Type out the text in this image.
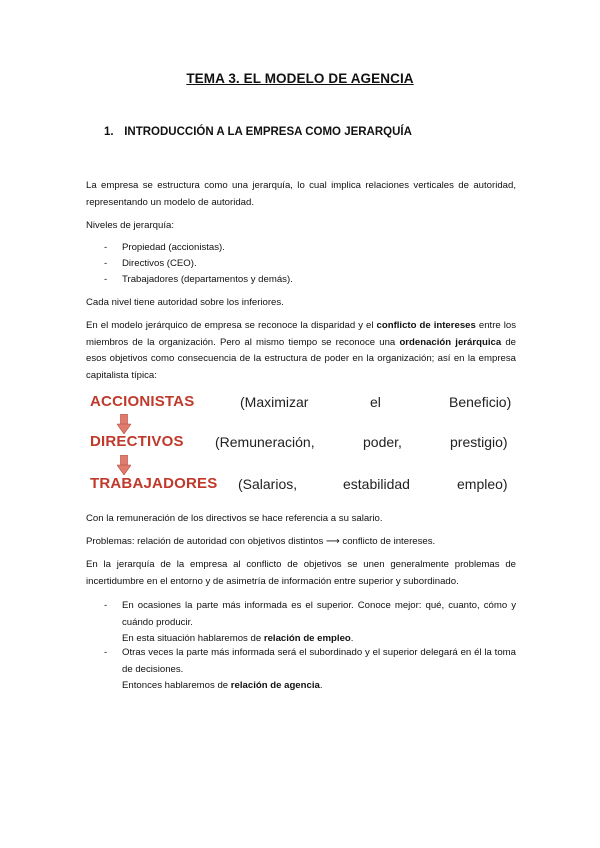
TEMA 3. EL MODELO DE AGENCIA
1. INTRODUCCIÓN A LA EMPRESA COMO JERARQUÍA
La empresa se estructura como una jerarquía, lo cual implica relaciones verticales de autoridad, representando un modelo de autoridad.
Niveles de jerarquía:
- Propiedad (accionistas).
- Directivos (CEO).
- Trabajadores (departamentos y demás).
Cada nivel tiene autoridad sobre los inferiores.
En el modelo jerárquico de empresa se reconoce la disparidad y el conflicto de intereses entre los miembros de la organización. Pero al mismo tiempo se reconoce una ordenación jerárquica de esos objetivos como consecuencia de la estructura de poder en la organización; así en la empresa capitalista típica:
ACCIONISTAS	(Maximizar	el	Beneficio)
DIRECTIVOS (Remuneración,	poder,	prestigio)
TRABAJADORES (Salarios,	estabilidad	empleo)
Con la remuneración de los directivos se hace referencia a su salario.
Problemas: relación de autoridad con objetivos distintos ⟶ conflicto de intereses.
En la jerarquía de la empresa al conflicto de objetivos se unen generalmente problemas de incertidumbre en el entorno y de asimetría de información entre superior y subordinado.
- En ocasiones la parte más informada es el superior. Conoce mejor: qué, cuanto, cómo y cuándo producir.
En esta situación hablaremos de relación de empleo.
- Otras veces la parte más informada será el subordinado y el superior delegará en él la toma de decisiones.
Entonces hablaremos de relación de agencia.
